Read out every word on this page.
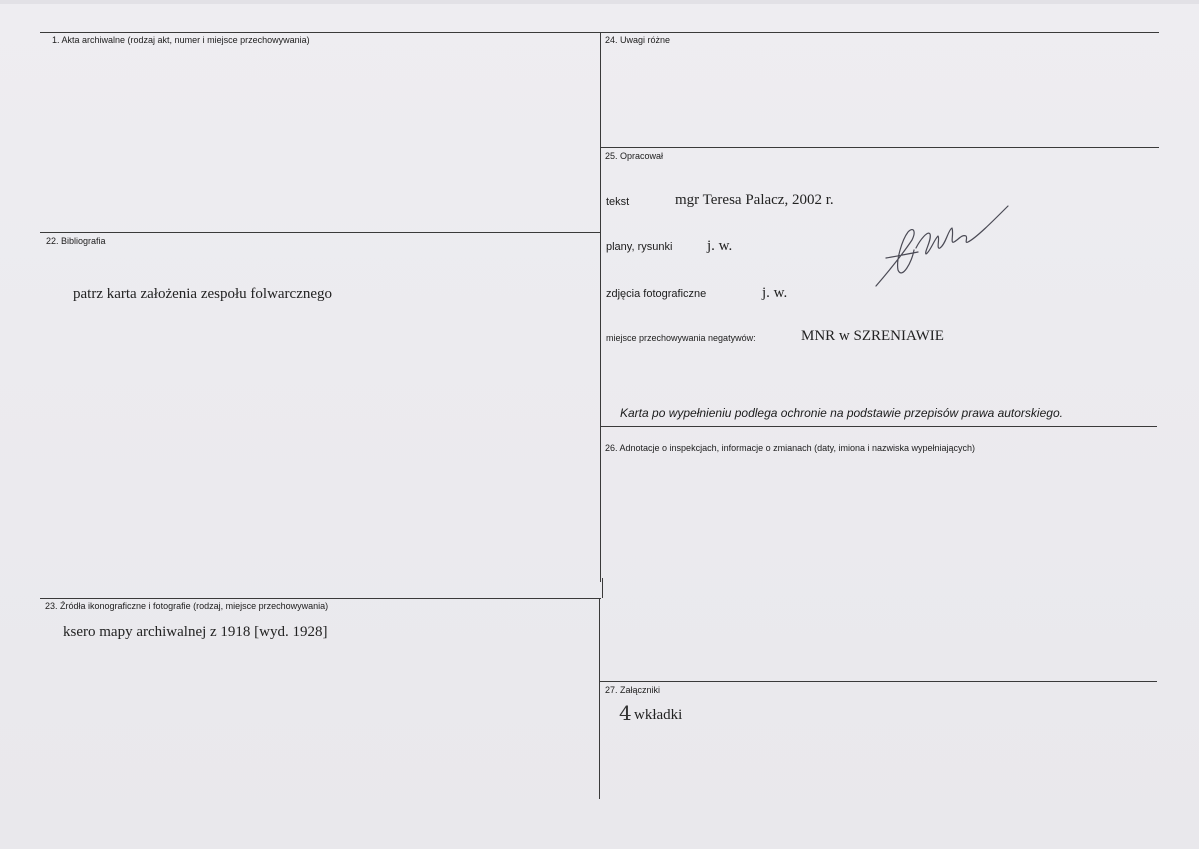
1. Akta archiwalne (rodzaj akt, numer i miejsce przechowywania)
22. Bibliografia
patrz karta założenia zespołu folwarcznego
23. Źródła ikonograficzne i fotografie (rodzaj, miejsce przechowywania)
ksero mapy archiwalnej z 1918 [wyd. 1928]
24. Uwagi różne
25. Opracował
tekst	mgr Teresa Palacz, 2002 r.
plany, rysunki j. w.
zdjęcia fotograficzne	j. w.
miejsce przechowywania negatywów:	MNR w SZRENIAWIE
Karta po wypełnieniu podlega ochronie na podstawie przepisów prawa autorskiego.
26. Adnotacje o inspekcjach, informacje o zmianach (daty, imiona i nazwiska wypełniających)
27. Załączniki
4 wkładki
